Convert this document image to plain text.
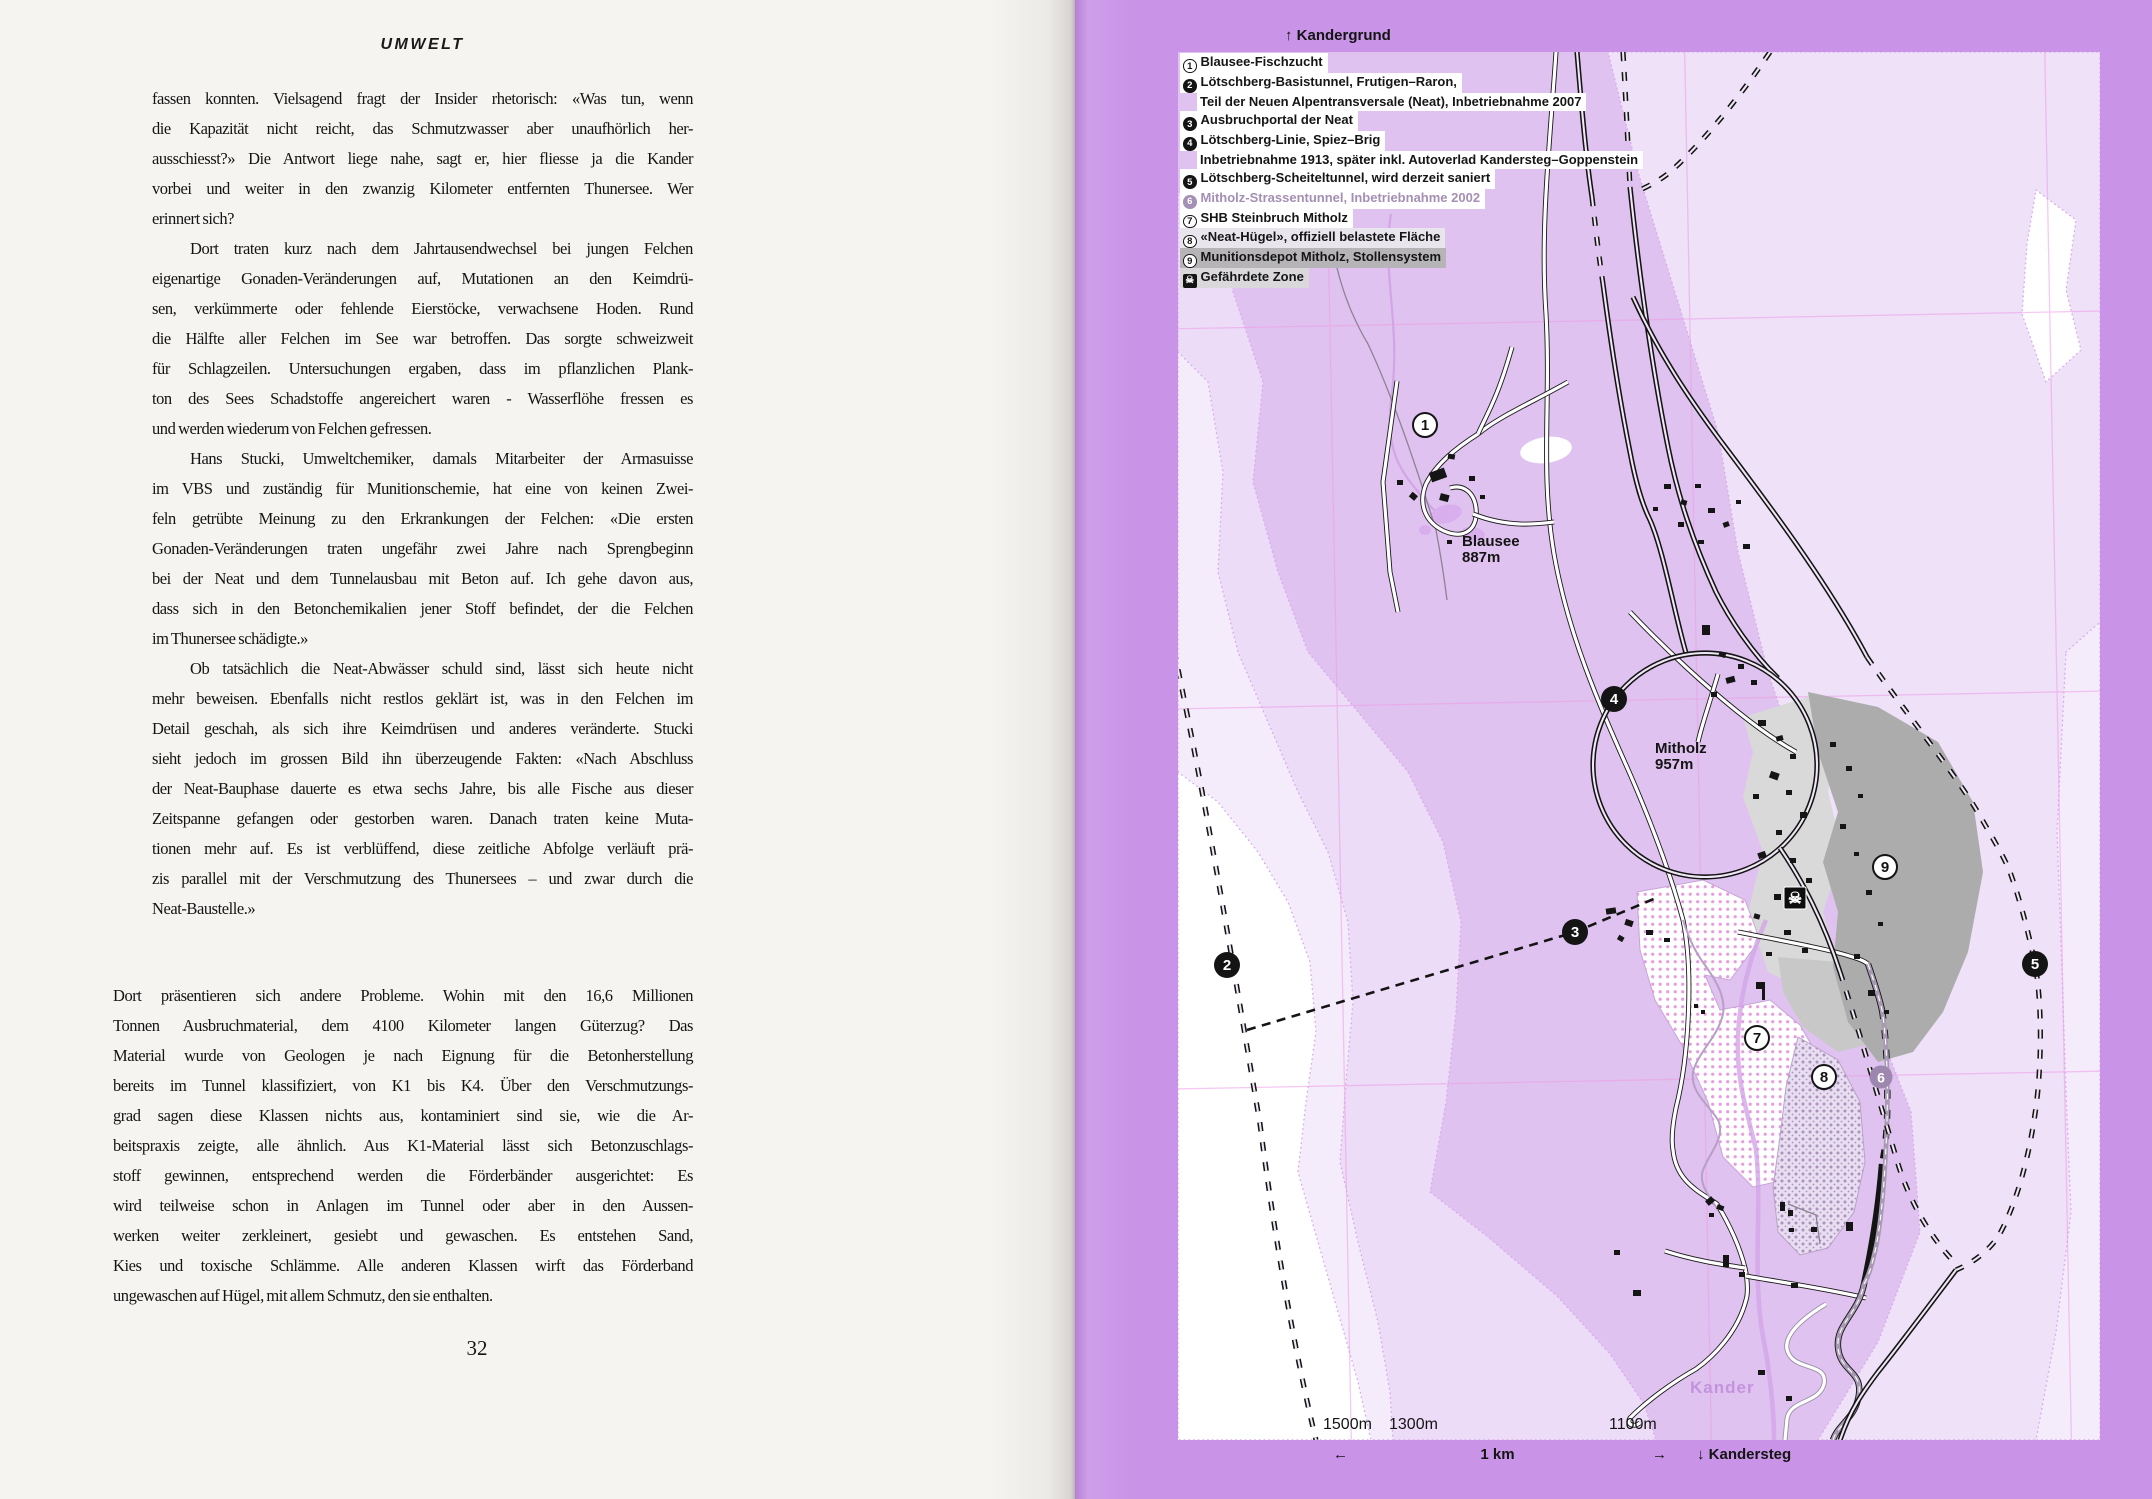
UMWELT
fassen konnten. Vielsagend fragt der Insider rhetorisch: «Was tun, wenn
die Kapazität nicht reicht, das Schmutzwasser aber unaufhörlich her-
ausschiesst?» Die Antwort liege nahe, sagt er, hier fliesse ja die Kander
vorbei und weiter in den zwanzig Kilometer entfernten Thunersee. Wer
erinnert sich?
Dort traten kurz nach dem Jahrtausendwechsel bei jungen Felchen
eigenartige Gonaden-Veränderungen auf, Mutationen an den Keimdrü-
sen, verkümmerte oder fehlende Eierstöcke, verwachsene Hoden. Rund
die Hälfte aller Felchen im See war betroffen. Das sorgte schweizweit
für Schlagzeilen. Untersuchungen ergaben, dass im pflanzlichen Plank-
ton des Sees Schadstoffe angereichert waren - Wasserflöhe fressen es
und werden wiederum von Felchen gefressen.
Hans Stucki, Umweltchemiker, damals Mitarbeiter der Armasuisse
im VBS und zuständig für Munitionschemie, hat eine von keinen Zwei-
feln getrübte Meinung zu den Erkrankungen der Felchen: «Die ersten
Gonaden-Veränderungen traten ungefähr zwei Jahre nach Sprengbeginn
bei der Neat und dem Tunnelausbau mit Beton auf. Ich gehe davon aus,
dass sich in den Betonchemikalien jener Stoff befindet, der die Felchen
im Thunersee schädigte.»
Ob tatsächlich die Neat-Abwässer schuld sind, lässt sich heute nicht
mehr beweisen. Ebenfalls nicht restlos geklärt ist, was in den Felchen im
Detail geschah, als sich ihre Keimdrüsen und anderes veränderte. Stucki
sieht jedoch im grossen Bild ihn überzeugende Fakten: «Nach Abschluss
der Neat-Bauphase dauerte es etwa sechs Jahre, bis alle Fische aus dieser
Zeitspanne gefangen oder gestorben waren. Danach traten keine Muta-
tionen mehr auf. Es ist verblüffend, diese zeitliche Abfolge verläuft prä-
zis parallel mit der Verschmutzung des Thunersees – und zwar durch die
Neat-Baustelle.»
Dort präsentieren sich andere Probleme. Wohin mit den 16,6 Millionen
Tonnen Ausbruchmaterial, dem 4100 Kilometer langen Güterzug? Das
Material wurde von Geologen je nach Eignung für die Betonherstellung
bereits im Tunnel klassifiziert, von K1 bis K4. Über den Verschmutzungs-
grad sagen diese Klassen nichts aus, kontaminiert sind sie, wie die Ar-
beitspraxis zeigte, alle ähnlich. Aus K1-Material lässt sich Betonzuschlags-
stoff gewinnen, entsprechend werden die Förderbänder ausgerichtet: Es
wird teilweise schon in Anlagen im Tunnel oder aber in den Aussen-
werken weiter zerkleinert, gesiebt und gewaschen. Es entstehen Sand,
Kies und toxische Schlämme. Alle anderen Klassen wirft das Förderband
ungewaschen auf Hügel, mit allem Schmutz, den sie enthalten.
32
↑ Kandergrund
1 Blausee-Fischzucht
2 Lötschberg-Basistunnel, Frutigen–Raron,
Teil der Neuen Alpentransversale (Neat), Inbetriebnahme 2007
3 Ausbruchportal der Neat
4 Lötschberg-Linie, Spiez–Brig
Inbetriebnahme 1913, später inkl. Autoverlad Kandersteg–Goppenstein
5 Lötschberg-Scheiteltunnel, wird derzeit saniert
6 Mitholz-Strassentunnel, Inbetriebnahme 2002
7 SHB Steinbruch Mitholz
8 «Neat-Hügel», offiziell belastete Fläche
9 Munitionsdepot Mitholz, Stollensystem
☠ Gefährdete Zone
1
2
3
4
5
6
7
8
9
☠
Blausee
887m
Mitholz
957m
1500m 1300m	1100m
Kander
←	1 km	→ ↓ Kandersteg
